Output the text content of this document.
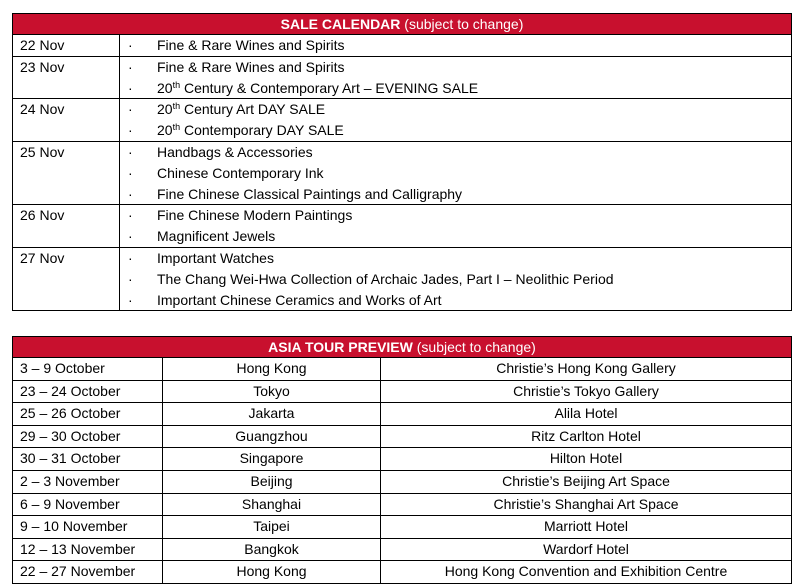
SALE CALENDAR (subject to change)
22 Nov	·	Fine & Rare Wines and Spirits
23 Nov	·	Fine & Rare Wines and Spirits
·	20th Century & Contemporary Art – EVENING SALE
24 Nov	·	20th Century Art DAY SALE
·	20th Contemporary DAY SALE
25 Nov	·	Handbags & Accessories
·	Chinese Contemporary Ink
·	Fine Chinese Classical Paintings and Calligraphy
26 Nov	·	Fine Chinese Modern Paintings
·	Magnificent Jewels
27 Nov	·	Important Watches
·	The Chang Wei-Hwa Collection of Archaic Jades, Part I – Neolithic Period
·	Important Chinese Ceramics and Works of Art
ASIA TOUR PREVIEW (subject to change)
3 – 9 October	Hong Kong	Christie’s Hong Kong Gallery
23 – 24 October	Tokyo	Christie’s Tokyo Gallery
25 – 26 October	Jakarta	Alila Hotel
29 – 30 October	Guangzhou	Ritz Carlton Hotel
30 – 31 October	Singapore	Hilton Hotel
2 – 3 November	Beijing	Christie’s Beijing Art Space
6 – 9 November	Shanghai	Christie’s Shanghai Art Space
9 – 10 November	Taipei	Marriott Hotel
12 – 13 November	Bangkok	Wardorf Hotel
22 – 27 November	Hong Kong	Hong Kong Convention and Exhibition Centre
